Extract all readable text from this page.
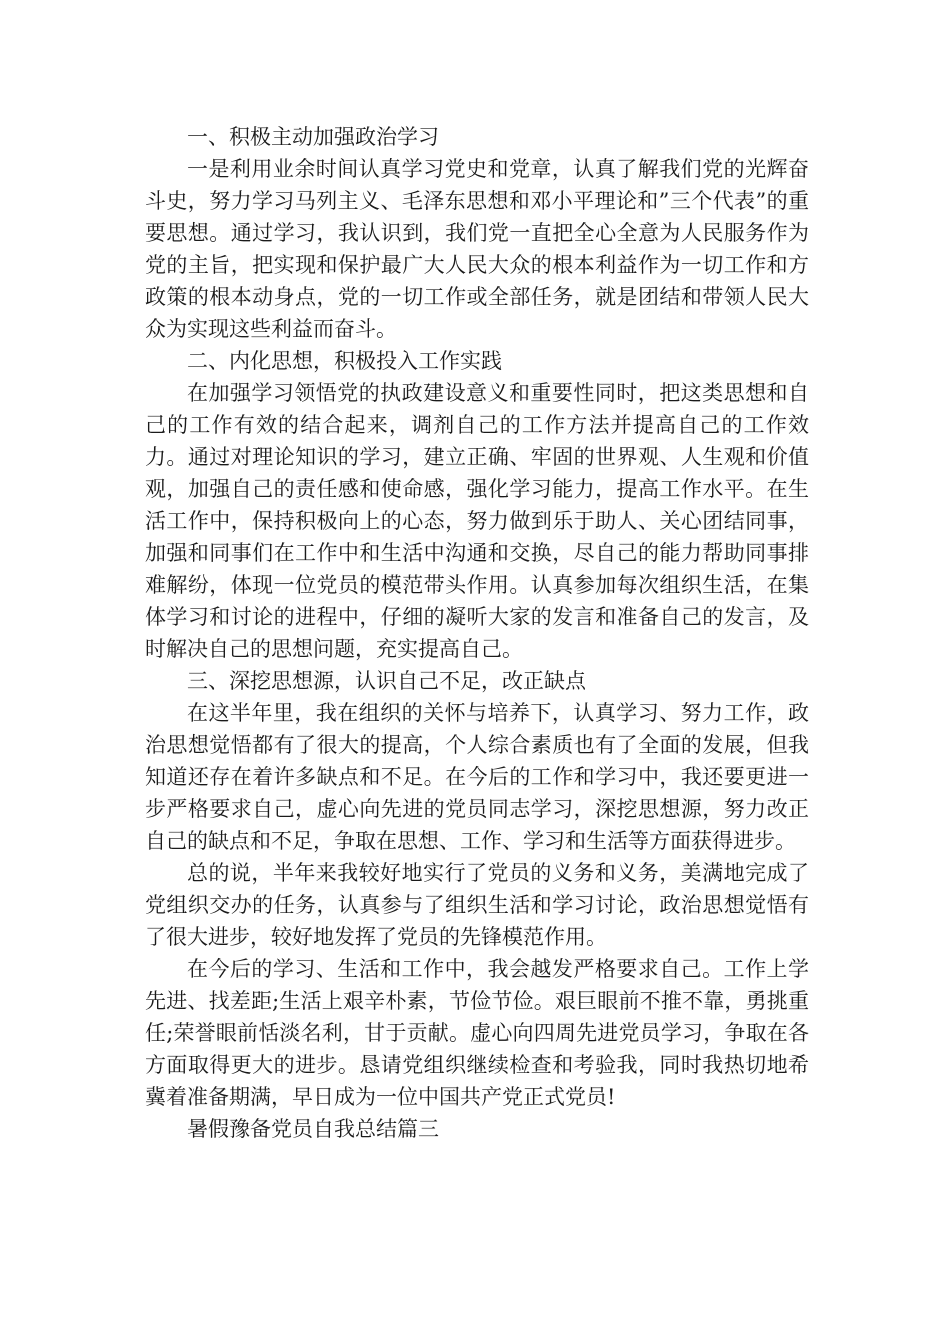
一、积极主动加强政治学习

一是利用业余时间认真学习党史和党章，认真了解我们党的光辉奋斗史，努力学习马列主义、毛泽东思想和邓小平理论和”三个代表”的重要思想。通过学习，我认识到，我们党一直把全心全意为人民服务作为党的主旨，把实现和保护最广大人民大众的根本利益作为一切工作和方政策的根本动身点，党的一切工作或全部任务，就是团结和带领人民大众为实现这些利益而奋斗。

二、内化思想，积极投入工作实践

在加强学习领悟党的执政建设意义和重要性同时，把这类思想和自己的工作有效的结合起来，调剂自己的工作方法并提高自己的工作效力。通过对理论知识的学习，建立正确、牢固的世界观、人生观和价值观，加强自己的责任感和使命感，强化学习能力，提高工作水平。在生活工作中，保持积极向上的心态，努力做到乐于助人、关心团结同事，加强和同事们在工作中和生活中沟通和交换，尽自己的能力帮助同事排难解纷，体现一位党员的模范带头作用。认真参加每次组织生活，在集体学习和讨论的进程中，仔细的凝听大家的发言和准备自己的发言，及时解决自己的思想问题，充实提高自己。

三、深挖思想源，认识自己不足，改正缺点

在这半年里，我在组织的关怀与培养下，认真学习、努力工作，政治思想觉悟都有了很大的提高，个人综合素质也有了全面的发展，但我知道还存在着许多缺点和不足。在今后的工作和学习中，我还要更进一步严格要求自己，虚心向先进的党员同志学习，深挖思想源，努力改正自己的缺点和不足，争取在思想、工作、学习和生活等方面获得进步。

总的说，半年来我较好地实行了党员的义务和义务，美满地完成了党组织交办的任务，认真参与了组织生活和学习讨论，政治思想觉悟有了很大进步，较好地发挥了党员的先锋模范作用。

在今后的学习、生活和工作中，我会越发严格要求自己。工作上学先进、找差距;生活上艰辛朴素，节俭节俭。艰巨眼前不推不靠，勇挑重任;荣誉眼前恬淡名利，甘于贡献。虚心向四周先进党员学习，争取在各方面取得更大的进步。恳请党组织继续检查和考验我，同时我热切地希冀着准备期满，早日成为一位中国共产党正式党员!

暑假豫备党员自我总结篇三
